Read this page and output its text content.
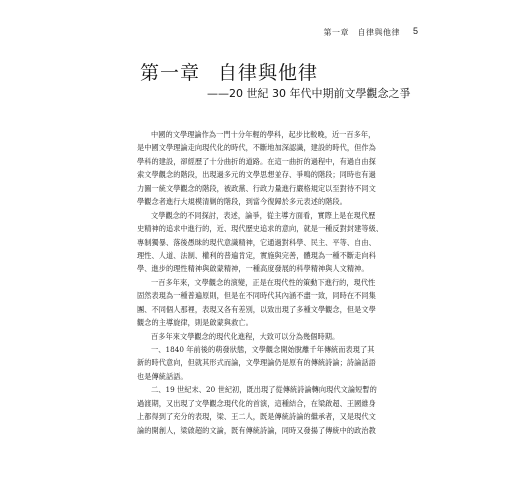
第一章　自律與他律 5
第一章 自律與他律
——20 世紀 30 年代中期前文學觀念之爭
中國的文學理論作為一門十分年輕的學科，起步比較晚，近一百多年，
是中國文學理論走向現代化的時代，不斷地加深認識，建設的時代，但作為
學科的建設，卻經歷了十分曲折的道路。在這一曲折的過程中，有過自由探
索文學觀念的階段，出現過多元的文學思想並存、爭鳴的階段；同時也有過
力圖一統文學觀念的階段，被政黨、行政力量進行嚴格規定以至對待不同文
學觀念者進行大規模清剿的階段，到當今復歸於多元表述的階段。
文學觀念的不同探討，表述，論爭，從主導方面看，實際上是在現代歷
史精神的追求中進行的，近、現代歷史追求的意向，就是一種反對封建等級、
專制獨暴、落後愚昧的現代意識精神，它通過對科學、民主、平等、自由、
理性、人道、法制、權利的普遍肯定，實施與完善，體現為一種不斷走向科
學、進步的理性精神與啟蒙精神，一種高度發展的科學精神與人文精神。
一百多年來，文學觀念的演變，正是在現代性的策動下進行的，現代性
固然表現為一種普遍原則，但是在不同時代其內涵不盡一致，同時在不同集
團、不同個人那裡，表現又各有差別，以致出現了多種文學觀念，但是文學
觀念的主導旋律，則是啟蒙與救亡。
百多年來文學觀念的現代化進程，大致可以分為幾個時期。
一、1840 年前後的萌發狀態，文學觀念開始脫離千年傳統而表現了其
新的時代意向，但就其形式而論，文學理論仍是原有的傳統詩論；詩論話語
也是傳統話語。
二、19 世紀末、20 世紀初，既出現了從傳統詩論轉向現代文論短暫的
過渡期，又出現了文學觀念現代化的首演，這種結合，在梁啟超、王國維身
上都得到了充分的表現，梁、王二人，既是傳統詩論的繼承者，又是現代文
論的開創人，梁啟超的文論，既有傳統詩論，同時又發揚了傳統中的政治教
